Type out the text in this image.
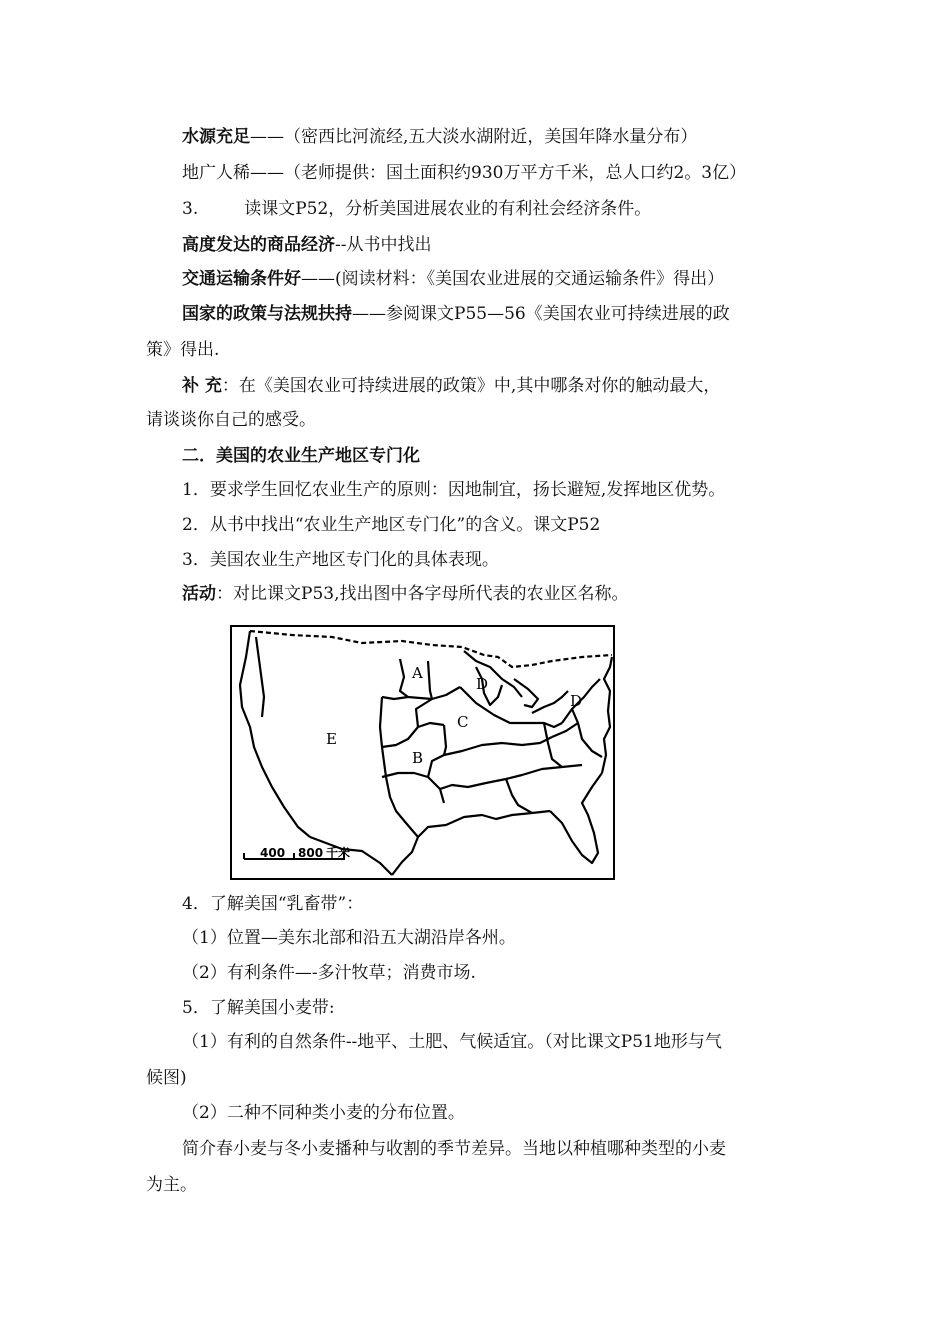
水源充足——（密西比河流经,五大淡水湖附近，美国年降水量分布）
地广人稀——（老师提供：国土面积约930万平方千米，总人口约2。3亿）
3.	读课文P52，分析美国进展农业的有利社会经济条件。
高度发达的商品经济--从书中找出
交通运输条件好——(阅读材料：《美国农业进展的交通运输条件》得出）
国家的政策与法规扶持——参阅课文P55—56《美国农业可持续进展的政
策》得出.
补 充：在《美国农业可持续进展的政策》中,其中哪条对你的触动最大，
请谈谈你自己的感受。
二．美国的农业生产地区专门化
1．要求学生回忆农业生产的原则：因地制宜，扬长避短,发挥地区优势。
2．从书中找出“农业生产地区专门化”的含义。课文P52
3．美国农业生产地区专门化的具体表现。
活动：对比课文P53,找出图中各字母所代表的农业区名称。
400 800 千米
A
D
D
C
E
B
4．了解美国“乳畜带”：
（1）位置—美东北部和沿五大湖沿岸各州。
（2）有利条件—-多汁牧草；消费市场.
5．了解美国小麦带:
（1）有利的自然条件--地平、土肥、气候适宜。（对比课文P51地形与气
候图)
（2）二种不同种类小麦的分布位置。
简介春小麦与冬小麦播种与收割的季节差异。当地以种植哪种类型的小麦
为主。
